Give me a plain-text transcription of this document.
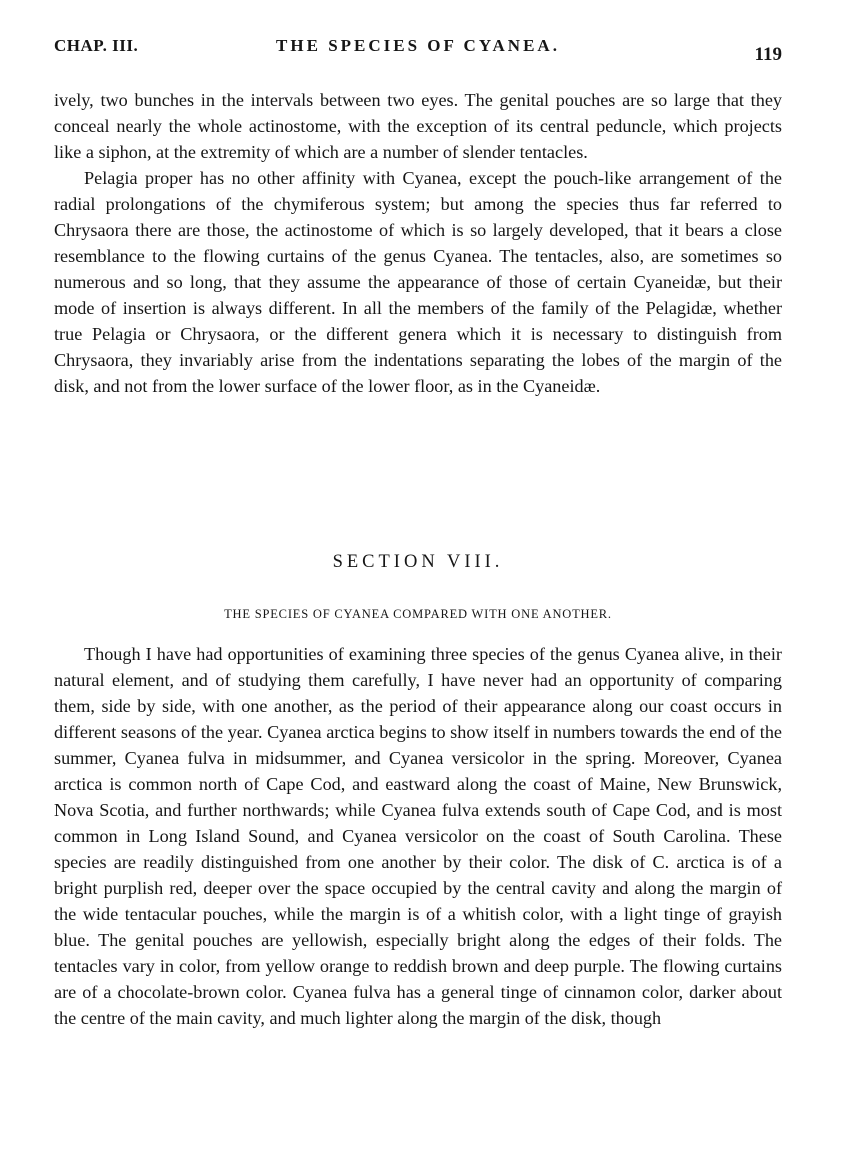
CHAP. III.	THE SPECIES OF CYANEA.	119

ively, two bunches in the intervals between two eyes. The genital pouches are so large that they conceal nearly the whole actinostome, with the exception of its central peduncle, which projects like a siphon, at the extremity of which are a number of slender tentacles.

Pelagia proper has no other affinity with Cyanea, except the pouch-like arrangement of the radial prolongations of the chymiferous system; but among the species thus far referred to Chrysaora there are those, the actinostome of which is so largely developed, that it bears a close resemblance to the flowing curtains of the genus Cyanea. The tentacles, also, are sometimes so numerous and so long, that they assume the appearance of those of certain Cyaneidæ, but their mode of insertion is always different. In all the members of the family of the Pelagidæ, whether true Pelagia or Chrysaora, or the different genera which it is necessary to distinguish from Chrysaora, they invariably arise from the indentations separating the lobes of the margin of the disk, and not from the lower surface of the lower floor, as in the Cyaneidæ.

SECTION VIII.
THE SPECIES OF CYANEA COMPARED WITH ONE ANOTHER.

Though I have had opportunities of examining three species of the genus Cyanea alive, in their natural element, and of studying them carefully, I have never had an opportunity of comparing them, side by side, with one another, as the period of their appearance along our coast occurs in different seasons of the year. Cyanea arctica begins to show itself in numbers towards the end of the summer, Cyanea fulva in midsummer, and Cyanea versicolor in the spring. Moreover, Cyanea arctica is common north of Cape Cod, and eastward along the coast of Maine, New Brunswick, Nova Scotia, and further northwards; while Cyanea fulva extends south of Cape Cod, and is most common in Long Island Sound, and Cyanea versicolor on the coast of South Carolina. These species are readily distinguished from one another by their color. The disk of C. arctica is of a bright purplish red, deeper over the space occupied by the central cavity and along the margin of the wide tentacular pouches, while the margin is of a whitish color, with a light tinge of grayish blue. The genital pouches are yellowish, especially bright along the edges of their folds. The tentacles vary in color, from yellow orange to reddish brown and deep purple. The flowing curtains are of a chocolate-brown color. Cyanea fulva has a general tinge of cinnamon color, darker about the centre of the main cavity, and much lighter along the margin of the disk, though
